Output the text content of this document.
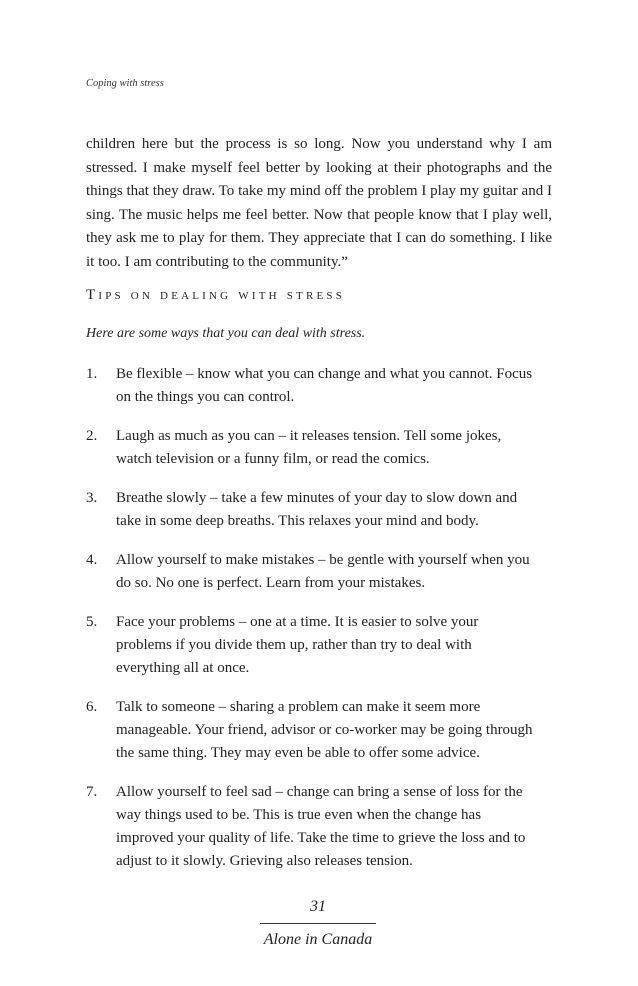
Coping with stress

children here but the process is so long. Now you understand why I am stressed. I make myself feel better by looking at their photographs and the things that they draw. To take my mind off the problem I play my guitar and I sing. The music helps me feel better. Now that people know that I play well, they ask me to play for them. They appreciate that I can do something. I like it too. I am contributing to the community.”

Tips on dealing with stress
Here are some ways that you can deal with stress.
1.	Be flexible – know what you can change and what you cannot. Focus on the things you can control.
2.	Laugh as much as you can – it releases tension. Tell some jokes, watch television or a funny film, or read the comics.
3.	Breathe slowly – take a few minutes of your day to slow down and take in some deep breaths. This relaxes your mind and body.
4.	Allow yourself to make mistakes – be gentle with yourself when you do so. No one is perfect. Learn from your mistakes.
5.	Face your problems – one at a time. It is easier to solve your problems if you divide them up, rather than try to deal with everything all at once.
6.	Talk to someone – sharing a problem can make it seem more manageable. Your friend, advisor or co-worker may be going through the same thing. They may even be able to offer some advice.
7.	Allow yourself to feel sad – change can bring a sense of loss for the way things used to be. This is true even when the change has improved your quality of life. Take the time to grieve the loss and to adjust to it slowly. Grieving also releases tension.
31
Alone in Canada
